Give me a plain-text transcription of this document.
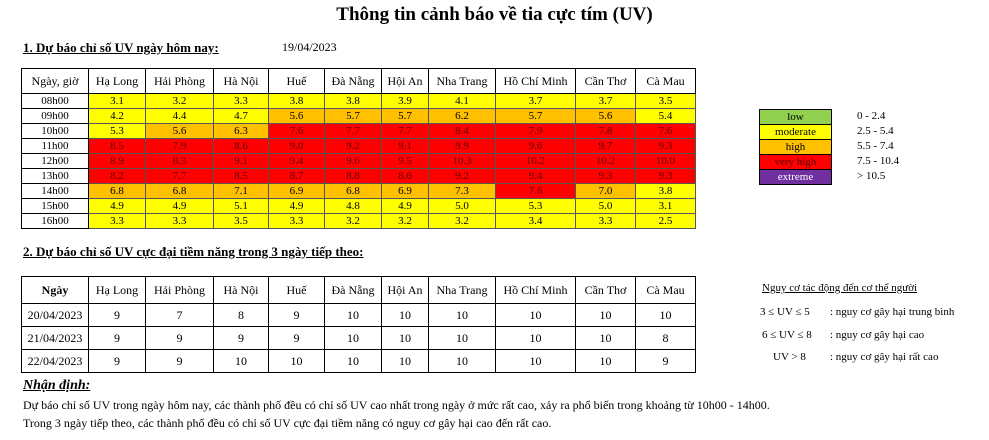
Thông tin cảnh báo về tia cực tím (UV)
1. Dự báo chỉ số UV ngày hôm nay:	19/04/2023
Ngày, giờ	Hạ Long	Hải Phòng	Hà Nội	Huế	Đà Nẵng	Hội An	Nha Trang	Hồ Chí Minh	Cần Thơ	Cà Mau
08h00	3.1	3.2	3.3	3.8	3.8	3.9	4.1	3.7	3.7	3.5
09h00	4.2	4.4	4.7	5.6	5.7	5.7	6.2	5.7	5.6	5.4
10h00	5.3	5.6	6.3	7.6	7.7	7.7	8.4	7.9	7.8	7.6
11h00	8.5	7.9	8.6	9.0	9.2	9.1	9.9	9.6	9.7	9.3
12h00	8.9	8.3	9.1	9.4	9.6	9.5	10.3	10.2	10.2	10.0
13h00	8.2	7.7	8.5	8.7	8.8	8.6	9.2	9.4	9.3	9.3
14h00	6.8	6.8	7.1	6.9	6.8	6.9	7.3	7.6	7.0	3.8
15h00	4.9	4.9	5.1	4.9	4.8	4.9	5.0	5.3	5.0	3.1
16h00	3.3	3.3	3.5	3.3	3.2	3.2	3.2	3.4	3.3	2.5
low	0 - 2.4
moderate	2.5 - 5.4
high	5.5 - 7.4
very high	7.5 - 10.4
extreme	> 10.5
2. Dự báo chỉ số UV cực đại tiềm năng trong 3 ngày tiếp theo:
Ngày	Hạ Long	Hải Phòng	Hà Nội	Huế	Đà Nẵng	Hội An	Nha Trang	Hồ Chí Minh	Cần Thơ	Cà Mau
20/04/2023	9	7	8	9	10	10	10	10	10	10
21/04/2023	9	9	9	9	10	10	10	10	10	8
22/04/2023	9	9	10	10	10	10	10	10	10	9
Nguy cơ tác động đến cơ thể người
3 ≤ UV ≤ 5 : nguy cơ gây hại trung bình
6 ≤ UV ≤ 8 : nguy cơ gây hại cao
UV > 8 : nguy cơ gây hại rất cao
Nhận định:
Dự báo chỉ số UV trong ngày hôm nay, các thành phố đều có chỉ số UV cao nhất trong ngày ở mức rất cao, xảy ra phổ biến trong khoảng từ 10h00 - 14h00.
Trong 3 ngày tiếp theo, các thành phố đều có chỉ số UV cực đại tiềm năng có nguy cơ gây hại cao đến rất cao.
